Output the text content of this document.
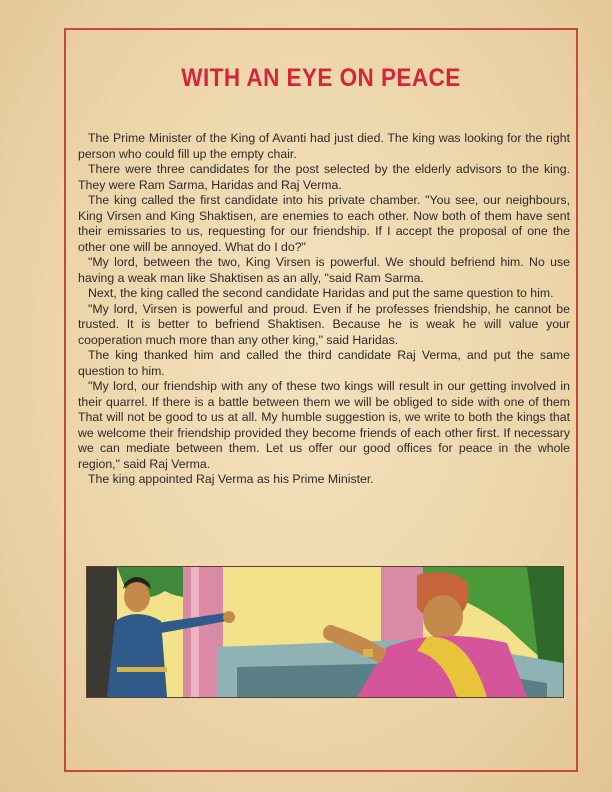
WITH AN EYE ON PEACE

The Prime Minister of the King of Avanti had just died. The king was looking for the right person who could fill up the empty chair.

There were three candidates for the post selected by the elderly advisors to the king. They were Ram Sarma, Haridas and Raj Verma.

The king called the first candidate into his private chamber. "You see, our neighbours, King Virsen and King Shaktisen, are enemies to each other. Now both of them have sent their emissaries to us, requesting for our friendship. If I accept the proposal of one the other one will be annoyed. What do I do?"

"My lord, between the two, King Virsen is powerful. We should befriend him. No use having a weak man like Shaktisen as an ally, "said Ram Sarma.

Next, the king called the second candidate Haridas and put the same question to him.

"My lord, Virsen is powerful and proud. Even if he professes friendship, he cannot be trusted. It is better to befriend Shaktisen. Because he is weak he will value your cooperation much more than any other king," said Haridas.

The king thanked him and called the third candidate Raj Verma, and put the same question to him.

"My lord, our friendship with any of these two kings will result in our getting involved in their quarrel. If there is a battle between them we will be obliged to side with one of them That will not be good to us at all. My humble suggestion is, we write to both the kings that we welcome their friendship provided they become friends of each other first. If necessary we can mediate between them. Let us offer our good offices for peace in the whole region," said Raj Verma.

The king appointed Raj Verma as his Prime Minister.
